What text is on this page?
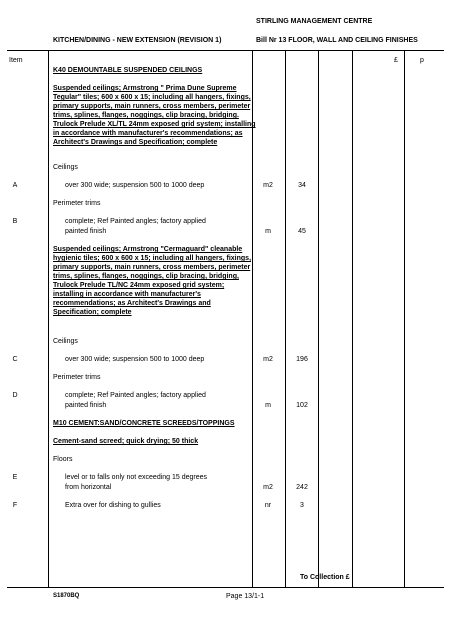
STIRLING MANAGEMENT CENTRE
KITCHEN/DINING - NEW EXTENSION (REVISION 1)	Bill Nr 13 FLOOR, WALL AND CEILING FINISHES
Item	£	p
K40 DEMOUNTABLE SUSPENDED CEILINGS
Suspended ceilings; Armstrong " Prima Dune Supreme Tegular" tiles; 600 x 600 x 15; including all hangers, fixings, primary supports, main runners, cross members, perimeter trims, splines, flanges, noggings, clip bracing, bridging. Trulock Prelude XL/TL 24mm exposed grid system; installing in accordance with manufacturer's recommendations; as Architect's Drawings and Specification; complete
Ceilings
A	over 300 wide; suspension 500 to 1000 deep	m2	34
Perimeter trims
B	complete; Ref Painted angles; factory applied
painted finish	m	45
Suspended ceilings; Armstrong "Cermaguard" cleanable hygienic tiles; 600 x 600 x 15; including all hangers, fixings, primary supports, main runners, cross members, perimeter trims, splines, flanges, noggings, clip bracing, bridging, Trulock Prelude TL/NC 24mm exposed grid system; installing in accordance with manufacturer's recommendations; as Architect's Drawings and Specification; complete
Ceilings
C	over 300 wide; suspension 500 to 1000 deep	m2	196
Perimeter trims
D	complete; Ref Painted angles; factory applied
painted finish	m	102
M10 CEMENT:SAND/CONCRETE SCREEDS/TOPPINGS
Cement-sand screed; quick drying; 50 thick
Floors
E	level or to falls only not exceeding 15 degrees
from horizontal	m2	242
F	Extra over for dishing to gullies	nr	3
To Collection £
S1870BQ	Page 13/1-1
